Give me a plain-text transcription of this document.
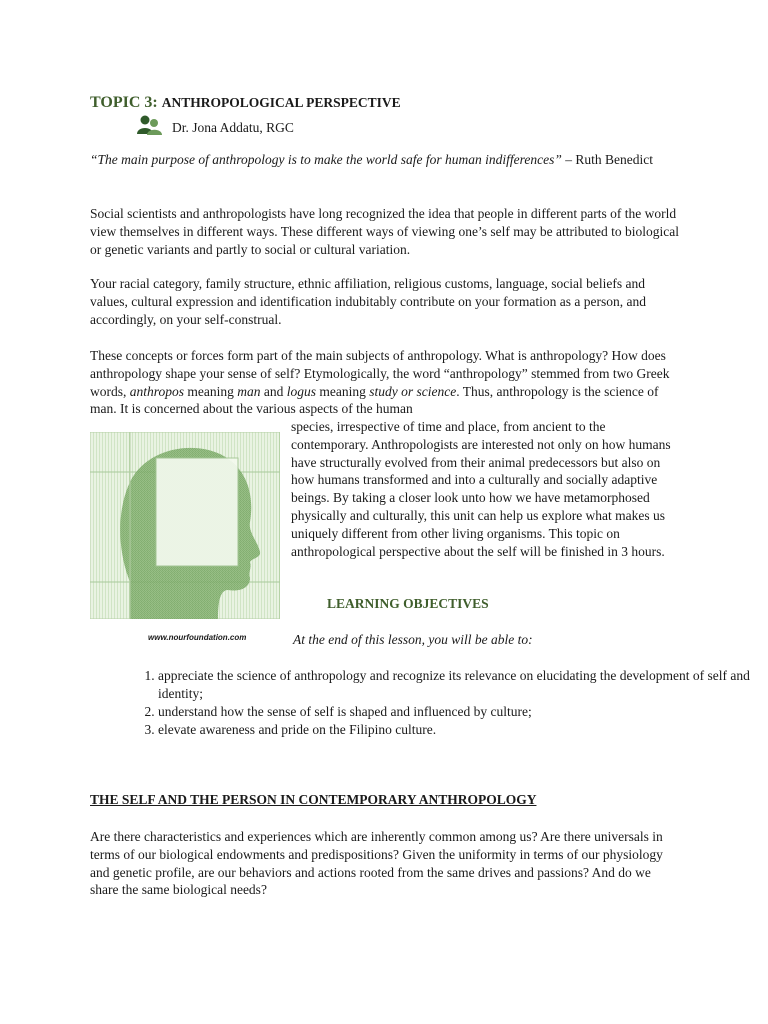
TOPIC 3: ANTHROPOLOGICAL PERSPECTIVE
Dr. Jona Addatu, RGC
“The main purpose of anthropology is to make the world safe for human indifferences” – Ruth Benedict
Social scientists and anthropologists have long recognized the idea that people in different parts of the world view themselves in different ways. These different ways of viewing one’s self may be attributed to biological or genetic variants and partly to social or cultural variation.
Your racial category, family structure, ethnic affiliation, religious customs, language, social beliefs and values, cultural expression and identification indubitably contribute on your formation as a person, and accordingly, on your self-construal.
These concepts or forces form part of the main subjects of anthropology. What is anthropology? How does anthropology shape your sense of self? Etymologically, the word “anthropology” stemmed from two Greek words, anthropos meaning man and logus meaning study or science. Thus, anthropology is the science of man. It is concerned about the various aspects of the human
species, irrespective of time and place, from ancient to the contemporary. Anthropologists are interested not only on how humans have structurally evolved from their animal predecessors but also on how humans transformed and into a culturally and socially adaptive beings. By taking a closer look unto how we have metamorphosed physically and culturally, this unit can help us explore what makes us uniquely different from other living organisms. This topic on anthropological perspective about the self will be finished in 3 hours.
www.nourfoundation.com
LEARNING OBJECTIVES
At the end of this lesson, you will be able to:
1. appreciate the science of anthropology and recognize its relevance on elucidating the development of self and identity;
2. understand how the sense of self is shaped and influenced by culture;
3. elevate awareness and pride on the Filipino culture.
THE SELF AND THE PERSON IN CONTEMPORARY ANTHROPOLOGY
Are there characteristics and experiences which are inherently common among us? Are there universals in terms of our biological endowments and predispositions? Given the uniformity in terms of our physiology and genetic profile, are our behaviors and actions rooted from the same drives and passions? And do we share the same biological needs?
